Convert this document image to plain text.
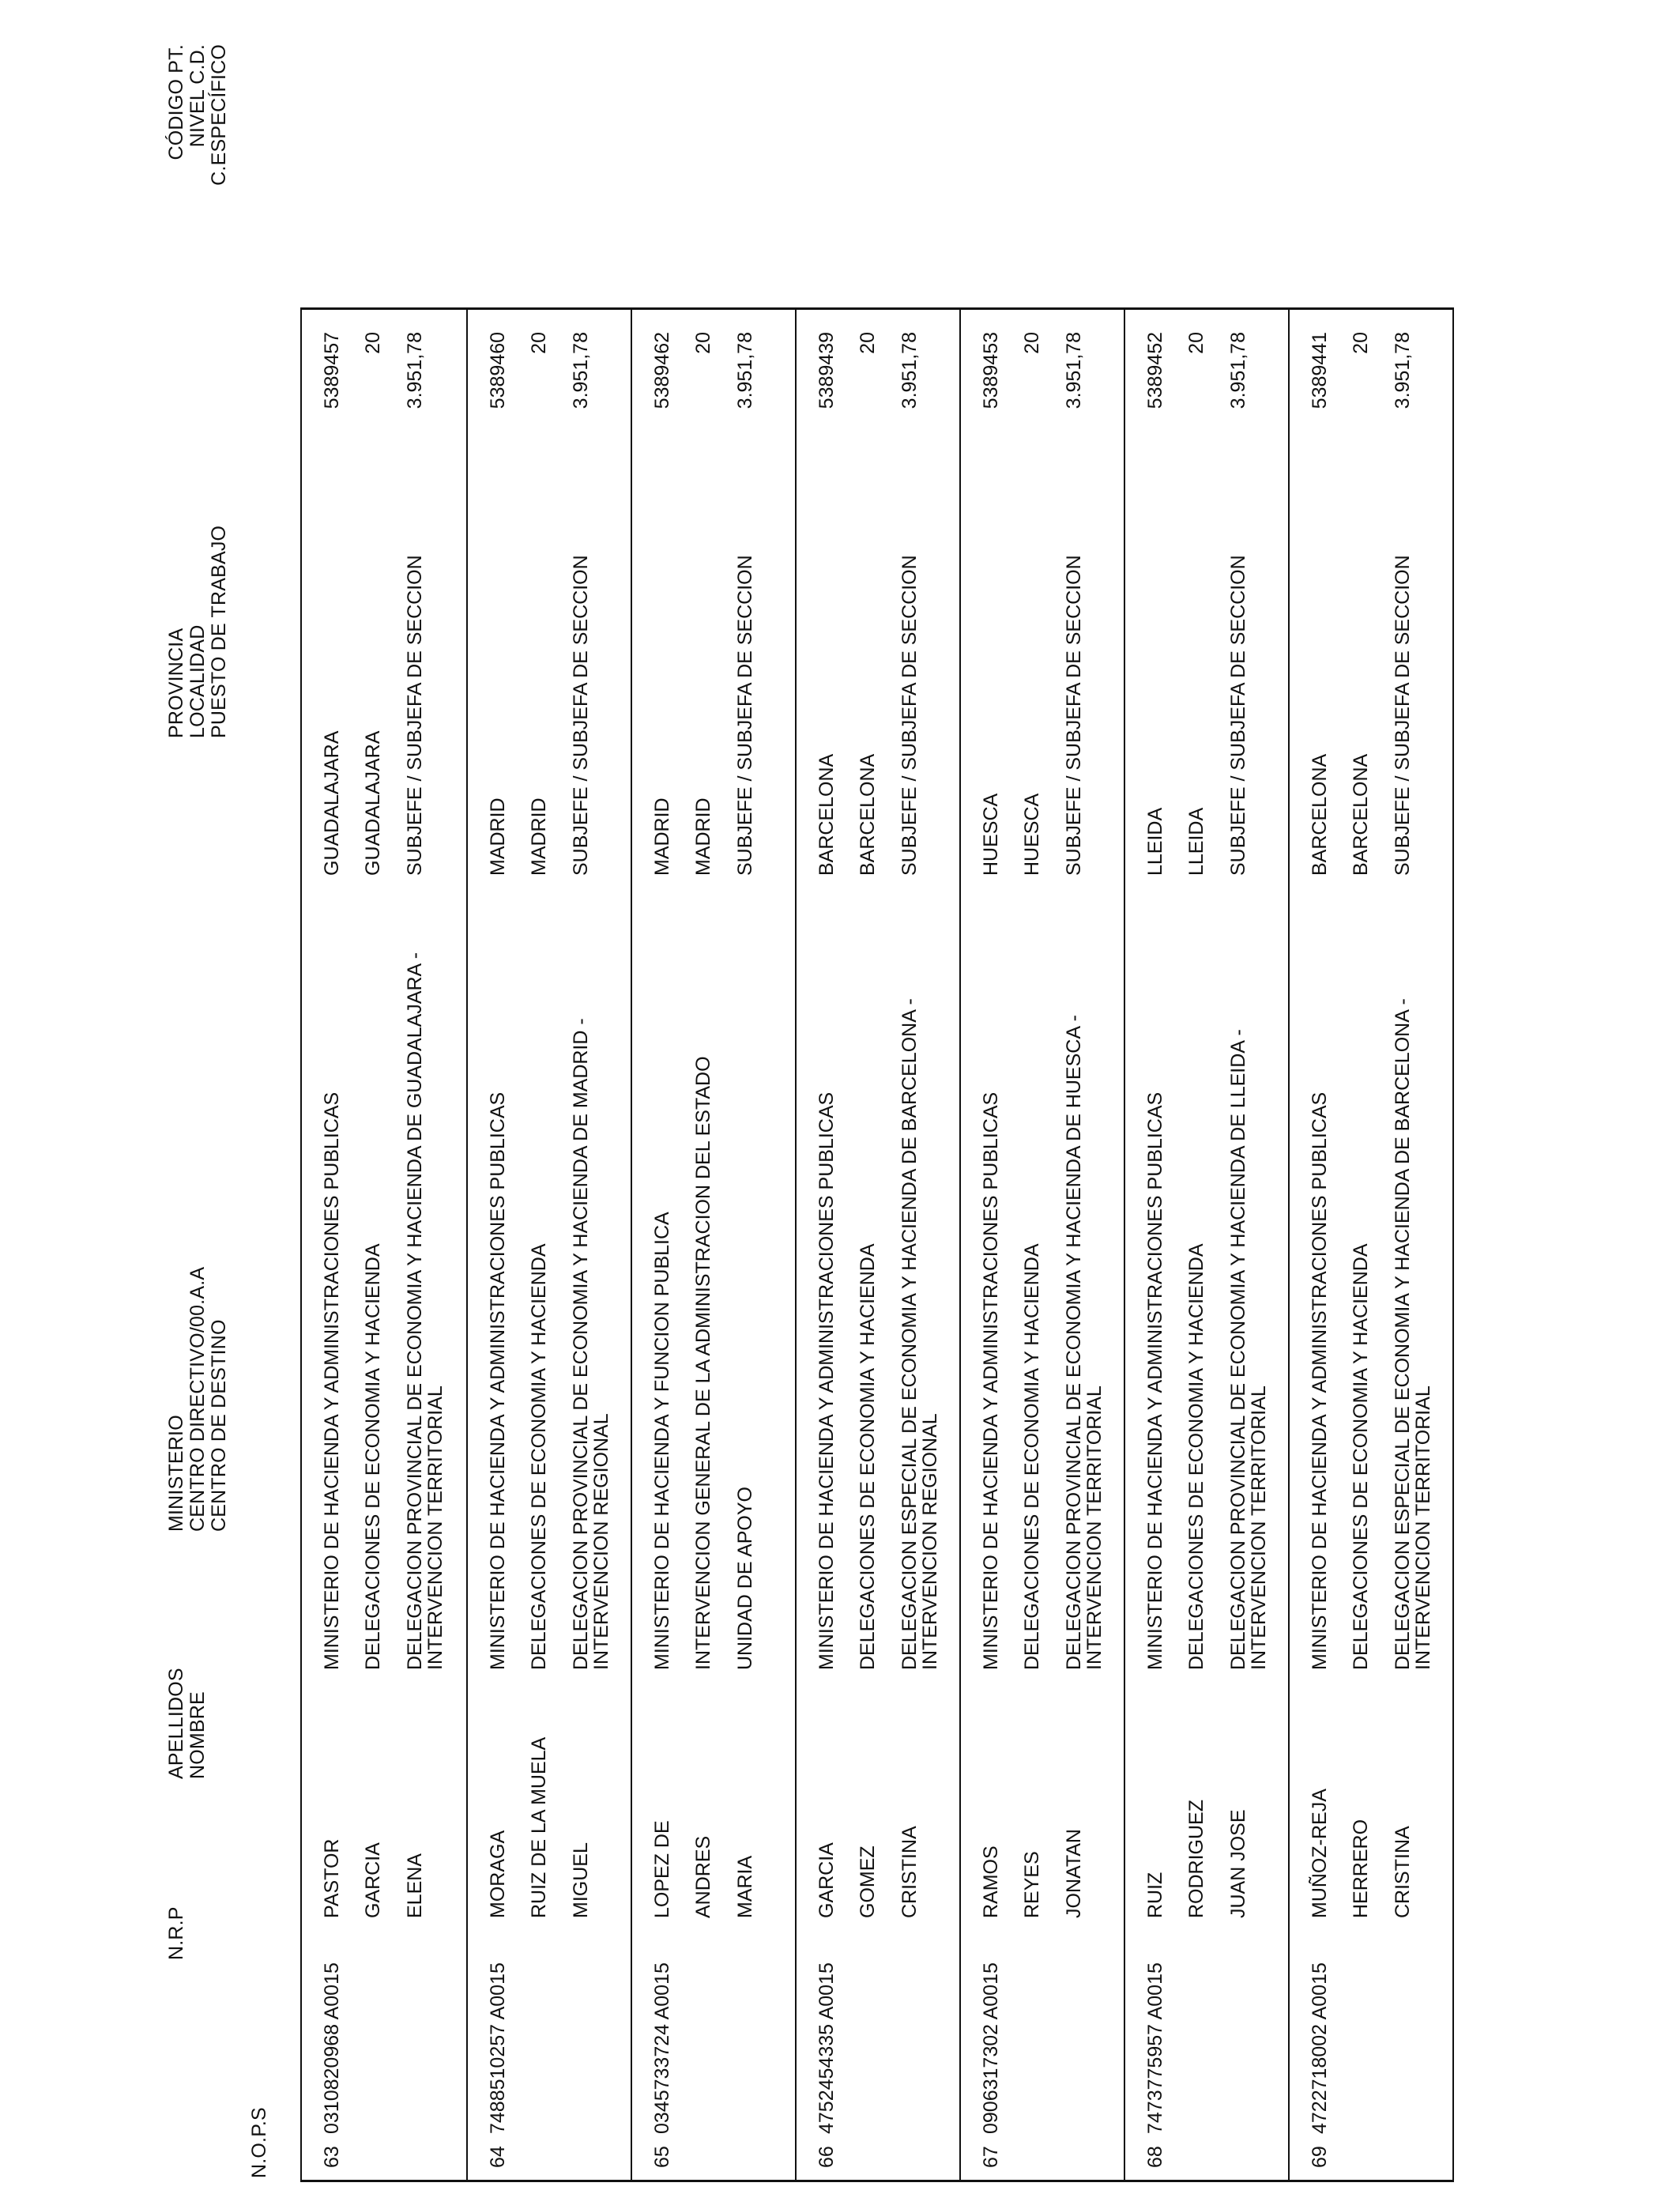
N.O.P.S
N.R.P
APELLIDOS NOMBRE
MINISTERIO CENTRO DIRECTIVO/00.A.A CENTRO DE DESTINO
PROVINCIA LOCALIDAD PUESTO DE TRABAJO
CÓDIGO PT. NIVEL C.D. C.ESPECÍFICO
63
0310820968 A0015
PASTOR GARCIA ELENA
MINISTERIO DE HACIENDA Y ADMINISTRACIONES PUBLICAS DELEGACIONES DE ECONOMIA Y HACIENDA DELEGACION PROVINCIAL DE ECONOMIA Y HACIENDA DE GUADALAJARA -
INTERVENCION TERRITORIAL
GUADALAJARA GUADALAJARA SUBJEFE / SUBJEFA DE SECCION
5389457 20 3.951,78
64
7488510257 A0015
MORAGA RUIZ DE LA MUELA MIGUEL
MINISTERIO DE HACIENDA Y ADMINISTRACIONES PUBLICAS DELEGACIONES DE ECONOMIA Y HACIENDA DELEGACION PROVINCIAL DE ECONOMIA Y HACIENDA DE MADRID -
INTERVENCION REGIONAL
MADRID MADRID SUBJEFE / SUBJEFA DE SECCION
5389460 20 3.951,78
65
0345733724 A0015
LOPEZ DE ANDRES MARIA
MINISTERIO DE HACIENDA Y FUNCION PUBLICA INTERVENCION GENERAL DE LA ADMINISTRACION DEL ESTADO UNIDAD DE APOYO
MADRID MADRID SUBJEFE / SUBJEFA DE SECCION
5389462 20 3.951,78
66
4752454335 A0015
GARCIA GOMEZ CRISTINA
MINISTERIO DE HACIENDA Y ADMINISTRACIONES PUBLICAS DELEGACIONES DE ECONOMIA Y HACIENDA DELEGACION ESPECIAL DE ECONOMIA Y HACIENDA DE BARCELONA -
INTERVENCION REGIONAL
BARCELONA BARCELONA SUBJEFE / SUBJEFA DE SECCION
5389439 20 3.951,78
67
0906317302 A0015
RAMOS REYES JONATAN
MINISTERIO DE HACIENDA Y ADMINISTRACIONES PUBLICAS DELEGACIONES DE ECONOMIA Y HACIENDA DELEGACION PROVINCIAL DE ECONOMIA Y HACIENDA DE HUESCA -
INTERVENCION TERRITORIAL
HUESCA HUESCA SUBJEFE / SUBJEFA DE SECCION
5389453 20 3.951,78
68
7473775957 A0015
RUIZ RODRIGUEZ JUAN JOSE
MINISTERIO DE HACIENDA Y ADMINISTRACIONES PUBLICAS DELEGACIONES DE ECONOMIA Y HACIENDA DELEGACION PROVINCIAL DE ECONOMIA Y HACIENDA DE LLEIDA -
INTERVENCION TERRITORIAL
LLEIDA LLEIDA SUBJEFE / SUBJEFA DE SECCION
5389452 20 3.951,78
69
4722718002 A0015
MUÑOZ-REJA HERRERO CRISTINA
MINISTERIO DE HACIENDA Y ADMINISTRACIONES PUBLICAS DELEGACIONES DE ECONOMIA Y HACIENDA DELEGACION ESPECIAL DE ECONOMIA Y HACIENDA DE BARCELONA -
INTERVENCION TERRITORIAL
BARCELONA BARCELONA SUBJEFE / SUBJEFA DE SECCION
5389441 20 3.951,78
